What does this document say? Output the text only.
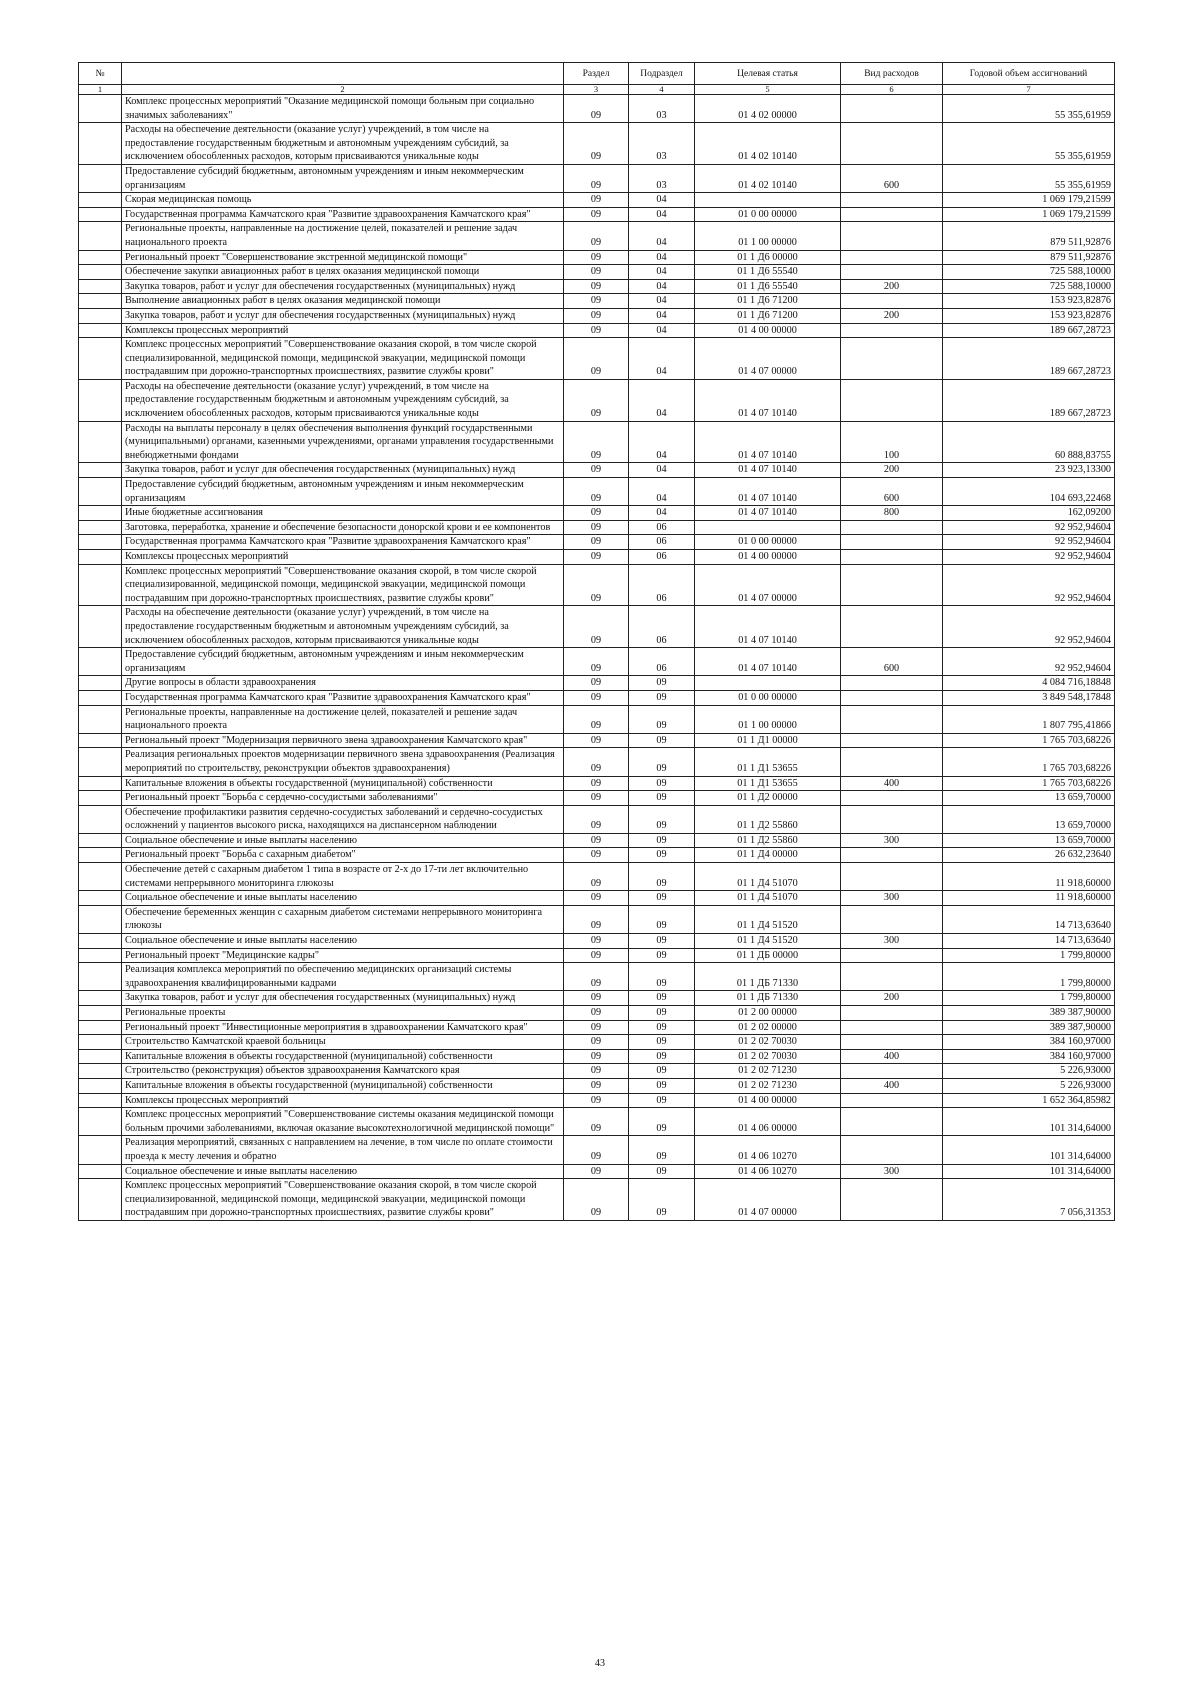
№		Раздел	Подраздел	Целевая статья	Вид расходов	Годовой объем ассигнований
1	2	3	4	5	6	7
	Комплекс процессных мероприятий "Оказание медицинской помощи больным при социально значимых заболеваниях"	09	03	01 4 02 00000		55 355,61959
	Расходы на обеспечение деятельности (оказание услуг) учреждений, в том числе на предоставление государственным бюджетным и автономным учреждениям субсидий, за исключением обособленных расходов, которым присваиваются уникальные коды	09	03	01 4 02 10140		55 355,61959
	Предоставление субсидий бюджетным, автономным учреждениям и иным некоммерческим организациям	09	03	01 4 02 10140	600	55 355,61959
	Скорая медицинская помощь	09	04			1 069 179,21599
	Государственная программа Камчатского края "Развитие здравоохранения Камчатского края"	09	04	01 0 00 00000		1 069 179,21599
	Региональные проекты, направленные на достижение целей, показателей и решение задач национального проекта	09	04	01 1 00 00000		879 511,92876
	Региональный проект "Совершенствование экстренной медицинской помощи"	09	04	01 1 Д6 00000		879 511,92876
	Обеспечение закупки авиационных работ в целях оказания медицинской помощи	09	04	01 1 Д6 55540		725 588,10000
	Закупка товаров, работ и услуг для обеспечения государственных (муниципальных) нужд	09	04	01 1 Д6 55540	200	725 588,10000
	Выполнение авиационных работ в целях оказания медицинской помощи	09	04	01 1 Д6 71200		153 923,82876
	Закупка товаров, работ и услуг для обеспечения государственных (муниципальных) нужд	09	04	01 1 Д6 71200	200	153 923,82876
	Комплексы процессных мероприятий	09	04	01 4 00 00000		189 667,28723
	Комплекс процессных мероприятий "Совершенствование оказания скорой, в том числе скорой специализированной, медицинской помощи, медицинской эвакуации, медицинской помощи пострадавшим при дорожно-транспортных происшествиях, развитие службы крови"	09	04	01 4 07 00000		189 667,28723
	Расходы на обеспечение деятельности (оказание услуг) учреждений, в том числе на предоставление государственным бюджетным и автономным учреждениям субсидий, за исключением обособленных расходов, которым присваиваются уникальные коды	09	04	01 4 07 10140		189 667,28723
	Расходы на выплаты персоналу в целях обеспечения выполнения функций государственными (муниципальными) органами, казенными учреждениями, органами управления государственными внебюджетными фондами	09	04	01 4 07 10140	100	60 888,83755
	Закупка товаров, работ и услуг для обеспечения государственных (муниципальных) нужд	09	04	01 4 07 10140	200	23 923,13300
	Предоставление субсидий бюджетным, автономным учреждениям и иным некоммерческим организациям	09	04	01 4 07 10140	600	104 693,22468
	Иные бюджетные ассигнования	09	04	01 4 07 10140	800	162,09200
	Заготовка, переработка, хранение и обеспечение безопасности донорской крови и ее компонентов	09	06			92 952,94604
	Государственная программа Камчатского края "Развитие здравоохранения Камчатского края"	09	06	01 0 00 00000		92 952,94604
	Комплексы процессных мероприятий	09	06	01 4 00 00000		92 952,94604
	Комплекс процессных мероприятий "Совершенствование оказания скорой, в том числе скорой специализированной, медицинской помощи, медицинской эвакуации, медицинской помощи пострадавшим при дорожно-транспортных происшествиях, развитие службы крови"	09	06	01 4 07 00000		92 952,94604
	Расходы на обеспечение деятельности (оказание услуг) учреждений, в том числе на предоставление государственным бюджетным и автономным учреждениям субсидий, за исключением обособленных расходов, которым присваиваются уникальные коды	09	06	01 4 07 10140		92 952,94604
	Предоставление субсидий бюджетным, автономным учреждениям и иным некоммерческим организациям	09	06	01 4 07 10140	600	92 952,94604
	Другие вопросы в области здравоохранения	09	09			4 084 716,18848
	Государственная программа Камчатского края "Развитие здравоохранения Камчатского края"	09	09	01 0 00 00000		3 849 548,17848
	Региональные проекты, направленные на достижение целей, показателей и решение задач национального проекта	09	09	01 1 00 00000		1 807 795,41866
	Региональный проект "Модернизация первичного звена здравоохранения Камчатского края"	09	09	01 1 Д1 00000		1 765 703,68226
	Реализация региональных проектов модернизации первичного звена здравоохранения (Реализация мероприятий по строительству, реконструкции объектов здравоохранения)	09	09	01 1 Д1 53655		1 765 703,68226
	Капитальные вложения в объекты государственной (муниципальной) собственности	09	09	01 1 Д1 53655	400	1 765 703,68226
	Региональный проект "Борьба с сердечно-сосудистыми заболеваниями"	09	09	01 1 Д2 00000		13 659,70000
	Обеспечение профилактики развития сердечно-сосудистых заболеваний и сердечно-сосудистых осложнений у пациентов высокого риска, находящихся на диспансерном наблюдении	09	09	01 1 Д2 55860		13 659,70000
	Социальное обеспечение и иные выплаты населению	09	09	01 1 Д2 55860	300	13 659,70000
	Региональный проект "Борьба с сахарным диабетом"	09	09	01 1 Д4 00000		26 632,23640
	Обеспечение детей с сахарным диабетом 1 типа в возрасте от 2-х до 17-ти лет включительно системами непрерывного мониторинга глюкозы	09	09	01 1 Д4 51070		11 918,60000
	Социальное обеспечение и иные выплаты населению	09	09	01 1 Д4 51070	300	11 918,60000
	Обеспечение беременных женщин с сахарным диабетом системами непрерывного мониторинга глюкозы	09	09	01 1 Д4 51520		14 713,63640
	Социальное обеспечение и иные выплаты населению	09	09	01 1 Д4 51520	300	14 713,63640
	Региональный проект "Медицинские кадры"	09	09	01 1 ДБ 00000		1 799,80000
	Реализация комплекса мероприятий по обеспечению медицинских организаций системы здравоохранения квалифицированными кадрами	09	09	01 1 ДБ 71330		1 799,80000
	Закупка товаров, работ и услуг для обеспечения государственных (муниципальных) нужд	09	09	01 1 ДБ 71330	200	1 799,80000
	Региональные проекты	09	09	01 2 00 00000		389 387,90000
	Региональный проект "Инвестиционные мероприятия в здравоохранении Камчатского края"	09	09	01 2 02 00000		389 387,90000
	Строительство Камчатской краевой больницы	09	09	01 2 02 70030		384 160,97000
	Капитальные вложения в объекты государственной (муниципальной) собственности	09	09	01 2 02 70030	400	384 160,97000
	Строительство (реконструкция) объектов здравоохранения Камчатского края	09	09	01 2 02 71230		5 226,93000
	Капитальные вложения в объекты государственной (муниципальной) собственности	09	09	01 2 02 71230	400	5 226,93000
	Комплексы процессных мероприятий	09	09	01 4 00 00000		1 652 364,85982
	Комплекс процессных мероприятий "Совершенствование системы оказания медицинской помощи больным прочими заболеваниями, включая оказание высокотехнологичной медицинской помощи"	09	09	01 4 06 00000		101 314,64000
	Реализация мероприятий, связанных с направлением на лечение, в том числе по оплате стоимости проезда к месту лечения и обратно	09	09	01 4 06 10270		101 314,64000
	Социальное обеспечение и иные выплаты населению	09	09	01 4 06 10270	300	101 314,64000
	Комплекс процессных мероприятий "Совершенствование оказания скорой, в том числе скорой специализированной, медицинской помощи, медицинской эвакуации, медицинской помощи пострадавшим при дорожно-транспортных происшествиях, развитие службы крови"	09	09	01 4 07 00000		7 056,31353
43
